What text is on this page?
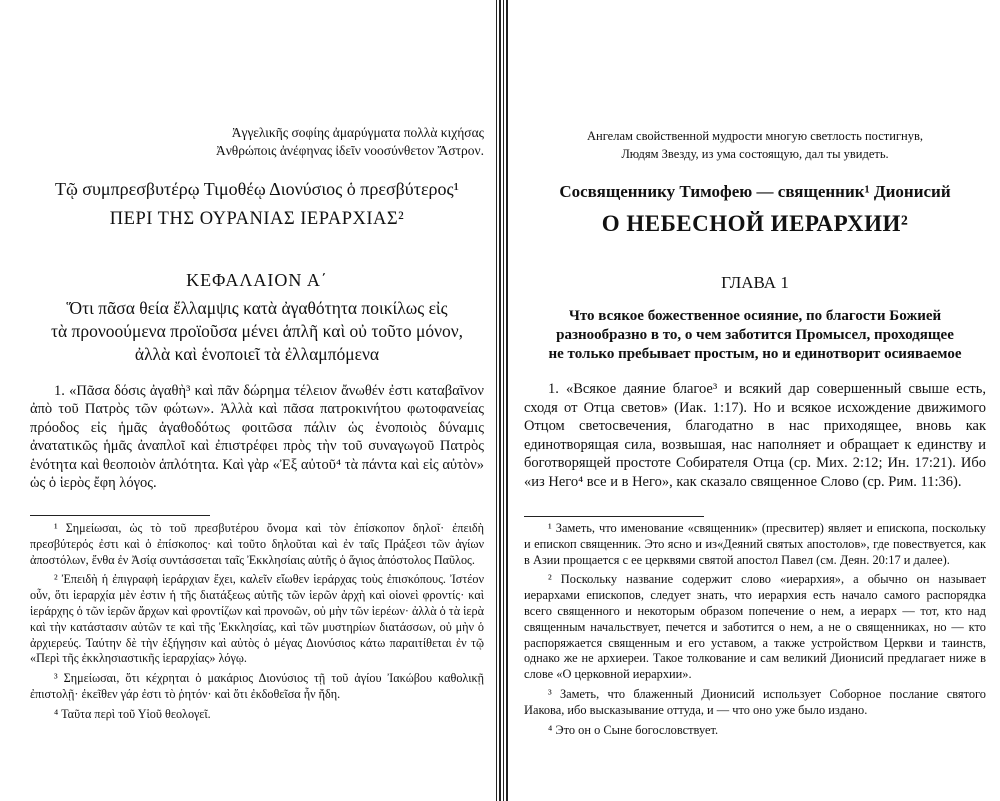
Ἀγγελικῆς σοφίης ἀμαρύγματα πολλὰ κιχήσας
Ἀνθρώποις ἀνέφηνας ἰδεῖν νοοσύνθετον Ἄστρον.
Τῷ συμπρεσβυτέρῳ Τιμοθέῳ Διονύσιος ὁ πρεσβύτερος¹
ΠΕΡΙ ΤΗΣ ΟΥΡΑΝΙΑΣ ΙΕΡΑΡΧΙΑΣ²
ΚΕΦΑΛΑΙΟΝ Α΄
Ὅτι πᾶσα θεία ἔλλαμψις κατὰ ἀγαθότητα ποικίλως εἰς
τὰ προνοούμενα προϊοῦσα μένει ἁπλῆ καὶ οὐ τοῦτο μόνον,
ἀλλὰ καὶ ἑνοποιεῖ τὰ ἐλλαμπόμενα
1. «Πᾶσα δόσις ἀγαθὴ³ καὶ πᾶν δώρημα τέλειον ἄνωθέν ἐστι καταβαῖνον ἀπὸ τοῦ Πατρὸς τῶν φώτων». Ἀλλὰ καὶ πᾶσα πατροκινήτου φωτοφανείας πρόοδος εἰς ἡμᾶς ἀγαθοδότως φοιτῶσα πάλιν ὡς ἑνοποιὸς δύναμις ἀνατατικῶς ἡμᾶς ἀναπλοῖ καὶ ἐπιστρέφει πρὸς τὴν τοῦ συναγωγοῦ Πατρὸς ἑνότητα καὶ θεοποιὸν ἁπλότητα. Καὶ γὰρ «Ἐξ αὐτοῦ⁴ τὰ πάντα καὶ εἰς αὐτὸν» ὡς ὁ ἱερὸς ἔφη λόγος.

¹ Σημείωσαι, ὡς τὸ τοῦ πρεσβυτέρου ὄνομα καὶ τὸν ἐπίσκοπον δηλοῖ· ἐπειδὴ πρεσβύτερός ἐστι καὶ ὁ ἐπίσκοπος· καὶ τοῦτο δηλοῦται καὶ ἐν ταῖς Πράξεσι τῶν ἁγίων ἀποστόλων, ἔνθα ἐν Ἀσίᾳ συντάσσεται ταῖς Ἐκκλησίαις αὐτῆς ὁ ἅγιος ἀπόστολος Παῦλος.

² Ἐπειδὴ ἡ ἐπιγραφὴ ἱεράρχιαν ἔχει, καλεῖν εἴωθεν ἱεράρχας τοὺς ἐπισκόπους. Ἰστέον οὖν, ὅτι ἱεραρχία μὲν ἐστιν ἡ τῆς διατάξεως αὐτῆς τῶν ἱερῶν ἀρχὴ καὶ οἱονεὶ φροντίς· καὶ ἱεράρχης ὁ τῶν ἱερῶν ἄρχων καὶ φροντίζων καὶ προνοῶν, οὐ μὴν τῶν ἱερέων· ἀλλὰ ὁ τὰ ἱερὰ καὶ τὴν κατάστασιν αὐτῶν τε καὶ τῆς Ἐκκλησίας, καὶ τῶν μυστηρίων διατάσσων, οὐ μὴν ὁ ἀρχιερεύς. Ταύτην δὲ τὴν ἐξήγησιν καὶ αὐτὸς ὁ μέγας Διονύσιος κάτω παραιτίθεται ἐν τῷ «Περὶ τῆς ἐκκλησιαστικῆς ἱεραρχίας» λόγῳ.

³ Σημείωσαι, ὅτι κέχρηται ὁ μακάριος Διονύσιος τῇ τοῦ ἁγίου Ἰακώβου καθολικῇ ἐπιστολῇ· ἐκεῖθεν γάρ ἐστι τὸ ῥητόν· καὶ ὅτι ἐκδοθεῖσα ἦν ἤδη.

⁴ Ταῦτα περὶ τοῦ Υἱοῦ θεολογεῖ.

Ангелам свойственной мудрости многую светлость постигнув,
Людям Звезду, из ума состоящую, дал ты увидеть.
Сосвященнику Тимофею — священник¹ Дионисий
О НЕБЕСНОЙ ИЕРАРХИИ²
ГЛАВА 1
Что всякое божественное осияние, по благости Божией
разнообразно в то, о чем заботится Промысел, проходящее
не только пребывает простым, но и единотворит осияваемое
1. «Всякое даяние благое³ и всякий дар совершенный свыше есть, сходя от Отца светов» (Иак. 1:17). Но и всякое исхождение движимого Отцом светосвечения, благодатно в нас приходящее, вновь как единотворящая сила, возвышая, нас наполняет и обращает к единству и боготворящей простоте Собирателя Отца (ср. Мих. 2:12; Ин. 17:21). Ибо «из Него⁴ все и в Него», как сказало священное Слово (ср. Рим. 11:36).

¹ Заметь, что именование «священник» (пресвитер) являет и епископа, поскольку и епископ священник. Это ясно и из«Деяний святых апостолов», где повествуется, как в Азии прощается с ее церквями святой апостол Павел (см. Деян. 20:17 и далее).

² Поскольку название содержит слово «иерархия», а обычно он называет иерархами епископов, следует знать, что иерархия есть начало самого распорядка всего священного и некоторым образом попечение о нем, а иерарх — тот, кто над священным начальствует, печется и заботится о нем, а не о священниках, но — кто распоряжается священным и его уставом, а также устройством Церкви и таинств, однако же не архиереи. Такое толкование и сам великий Дионисий предлагает ниже в слове «О церковной иерархии».

³ Заметь, что блаженный Дионисий использует Соборное послание святого Иакова, ибо высказывание оттуда, и — что оно уже было издано.

⁴ Это он о Сыне богословствует.
